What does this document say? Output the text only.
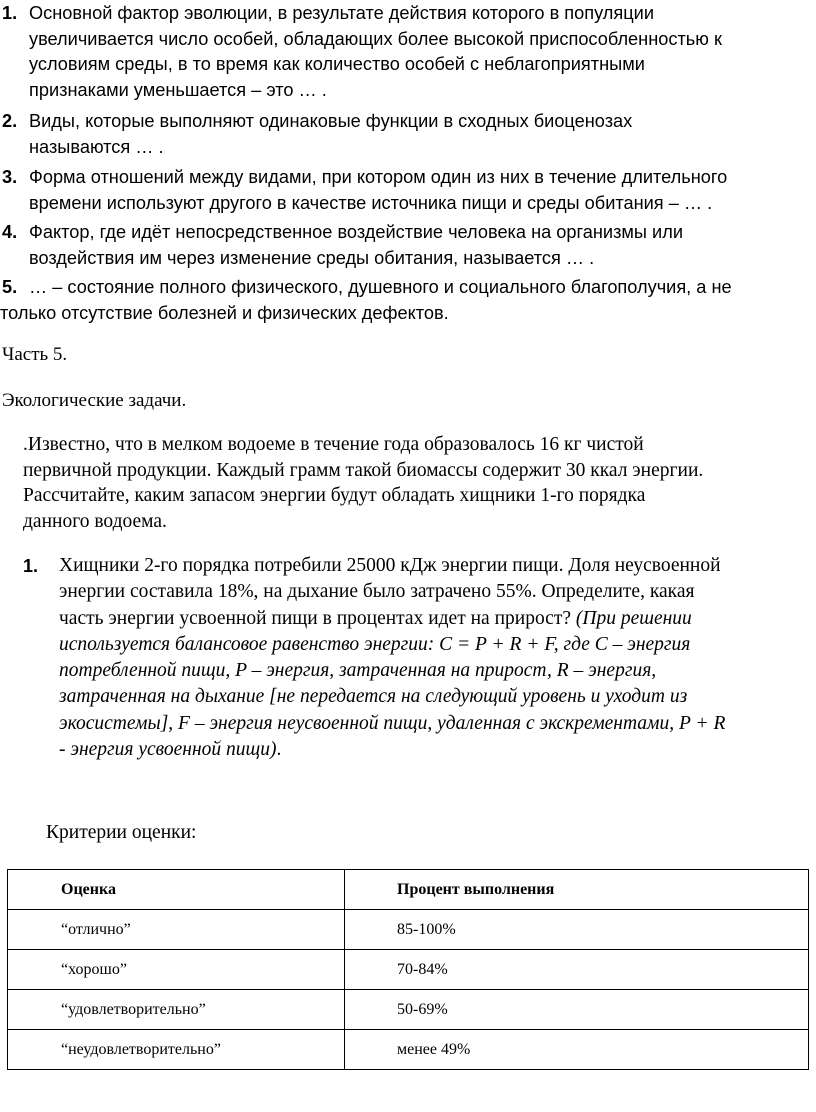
1. Основной фактор эволюции, в результате действия которого в популяции
увеличивается число особей, обладающих более высокой приспособленностью к
условиям среды, в то время как количество особей с неблагоприятными
признаками уменьшается – это … .
2. Виды, которые выполняют одинаковые функции в сходных биоценозах
называются … .
3. Форма отношений между видами, при котором один из них в течение длительного
времени используют другого в качестве источника пищи и среды обитания – … .
4. Фактор, где идёт непосредственное воздействие человека на организмы или
воздействия им через изменение среды обитания, называется … .
5. … – состояние полного физического, душевного и социального благополучия, а не
только отсутствие болезней и физических дефектов.
Часть 5.
Экологические задачи.
.Известно, что в мелком водоеме в течение года образовалось 16 кг чистой
первичной продукции. Каждый грамм такой биомассы содержит 30 ккал энергии.
Рассчитайте, каким запасом энергии будут обладать хищники 1-го порядка
данного водоема.
1. Хищники 2-го порядка потребили 25000 кДж энергии пищи. Доля неусвоенной
энергии составила 18%, на дыхание было затрачено 55%. Определите, какая
часть энергии усвоенной пищи в процентах идет на прирост? (При решении
используется балансовое равенство энергии: C = P + R + F, где C – энергия
потребленной пищи, P – энергия, затраченная на прирост, R – энергия,
затраченная на дыхание [не передается на следующий уровень и уходит из
экосистемы], F – энергия неусвоенной пищи, удаленная с экскрементами, P + R
- энергия усвоенной пищи).
Критерии оценки:
Оценка	Процент выполнения
“отлично”	85-100%
“хорошо”	70-84%
“удовлетворительно”	50-69%
“неудовлетворительно”	менее 49%
